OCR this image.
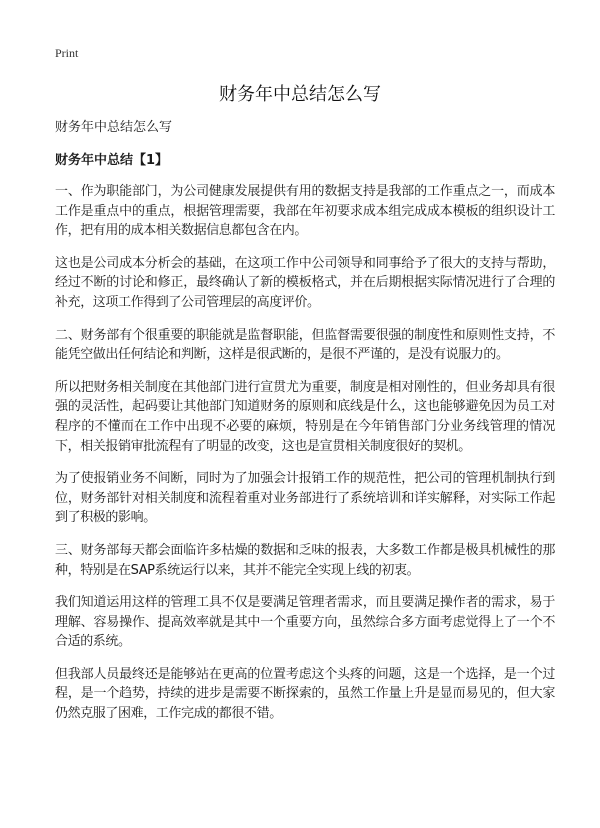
Print
财务年中总结怎么写

财务年中总结怎么写

财务年中总结【1】

一、作为职能部门，为公司健康发展提供有用的数据支持是我部的工作重点之一，而成本工作是重点中的重点，根据管理需要，我部在年初要求成本组完成成本模板的组织设计工作，把有用的成本相关数据信息都包含在内。

这也是公司成本分析会的基础，在这项工作中公司领导和同事给予了很大的支持与帮助，经过不断的讨论和修正，最终确认了新的模板格式，并在后期根据实际情况进行了合理的补充，这项工作得到了公司管理层的高度评价。

二、财务部有个很重要的职能就是监督职能，但监督需要很强的制度性和原则性支持，不能凭空做出任何结论和判断，这样是很武断的，是很不严谨的，是没有说服力的。

所以把财务相关制度在其他部门进行宣贯尤为重要，制度是相对刚性的，但业务却具有很强的灵活性，起码要让其他部门知道财务的原则和底线是什么，这也能够避免因为员工对程序的不懂而在工作中出现不必要的麻烦，特别是在今年销售部门分业务线管理的情况下，相关报销审批流程有了明显的改变，这也是宣贯相关制度很好的契机。

为了使报销业务不间断，同时为了加强会计报销工作的规范性，把公司的管理机制执行到位，财务部针对相关制度和流程着重对业务部进行了系统培训和详实解释，对实际工作起到了积极的影响。

三、财务部每天都会面临许多枯燥的数据和乏味的报表，大多数工作都是极具机械性的那种，特别是在SAP系统运行以来，其并不能完全实现上线的初衷。

我们知道运用这样的管理工具不仅是要满足管理者需求，而且要满足操作者的需求，易于理解、容易操作、提高效率就是其中一个重要方向，虽然综合多方面考虑觉得上了一个不合适的系统。

但我部人员最终还是能够站在更高的位置考虑这个头疼的问题，这是一个选择，是一个过程，是一个趋势，持续的进步是需要不断探索的，虽然工作量上升是显而易见的，但大家仍然克服了困难，工作完成的都很不错。
